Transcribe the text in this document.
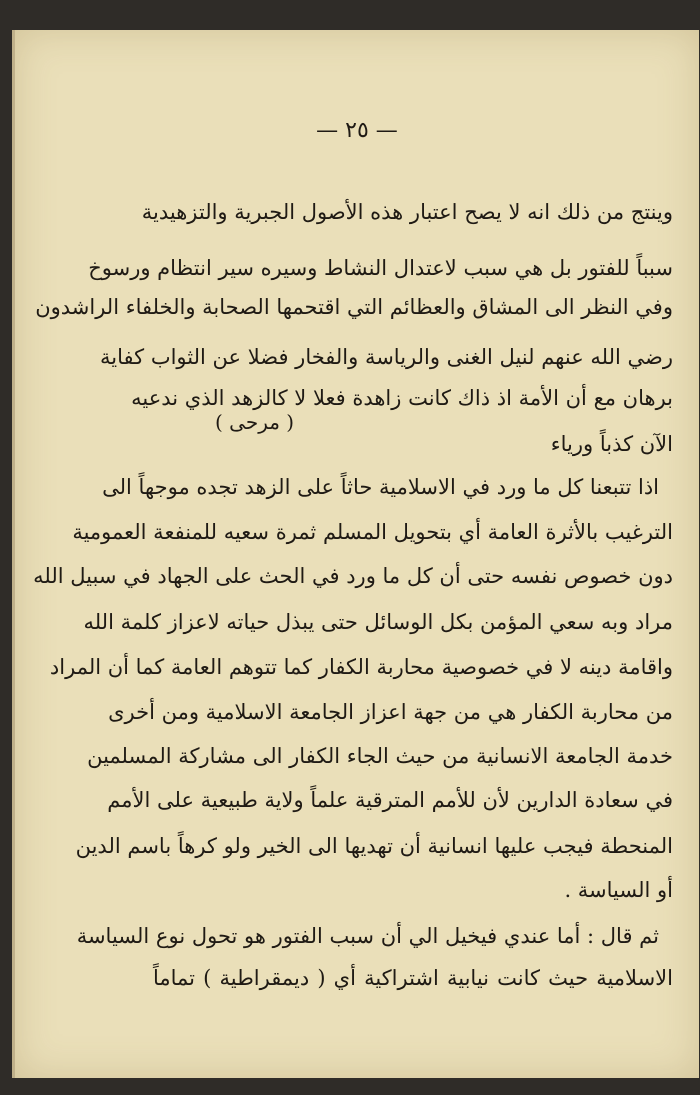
— ٢٥ —
وينتج من ذلك انه لا يصح اعتبار هذه الأصول الجبرية والتزهيدية
سبباً للفتور بل هي سبب لاعتدال النشاط وسيره سير انتظام ورسوخ
وفي النظر الى المشاق والعظائم التي اقتحمها الصحابة والخلفاء الراشدون
رضي الله عنهم لنيل الغنى والرياسة والفخار فضلا عن الثواب كفاية
برهان مع أن الأمة اذ ذاك كانت زاهدة فعلا لا كالزهد الذي ندعيه
الآن كذباً ورياء
( مرحى )
اذا تتبعنا كل ما ورد في الاسلامية حاثاً على الزهد تجده موجهاً الى
الترغيب بالأثرة العامة أي بتحويل المسلم ثمرة سعيه للمنفعة العمومية
دون خصوص نفسه حتى أن كل ما ورد في الحث على الجهاد في سبيل الله
مراد وبه سعي المؤمن بكل الوسائل حتى يبذل حياته لاعزاز كلمة الله
واقامة دينه لا في خصوصية محاربة الكفار كما تتوهم العامة كما أن المراد
من محاربة الكفار هي من جهة اعزاز الجامعة الاسلامية ومن أخرى
خدمة الجامعة الانسانية من حيث الجاء الكفار الى مشاركة المسلمين
في سعادة الدارين لأن للأمم المترقية علماً ولاية طبيعية على الأمم
المنحطة فيجب عليها انسانية أن تهديها الى الخير ولو كرهاً باسم الدين
أو السياسة .
ثم قال : أما عندي فيخيل الي أن سبب الفتور هو تحول نوع السياسة
الاسلامية حيث كانت نيابية اشتراكية أي ( ديمقراطية ) تماماً
